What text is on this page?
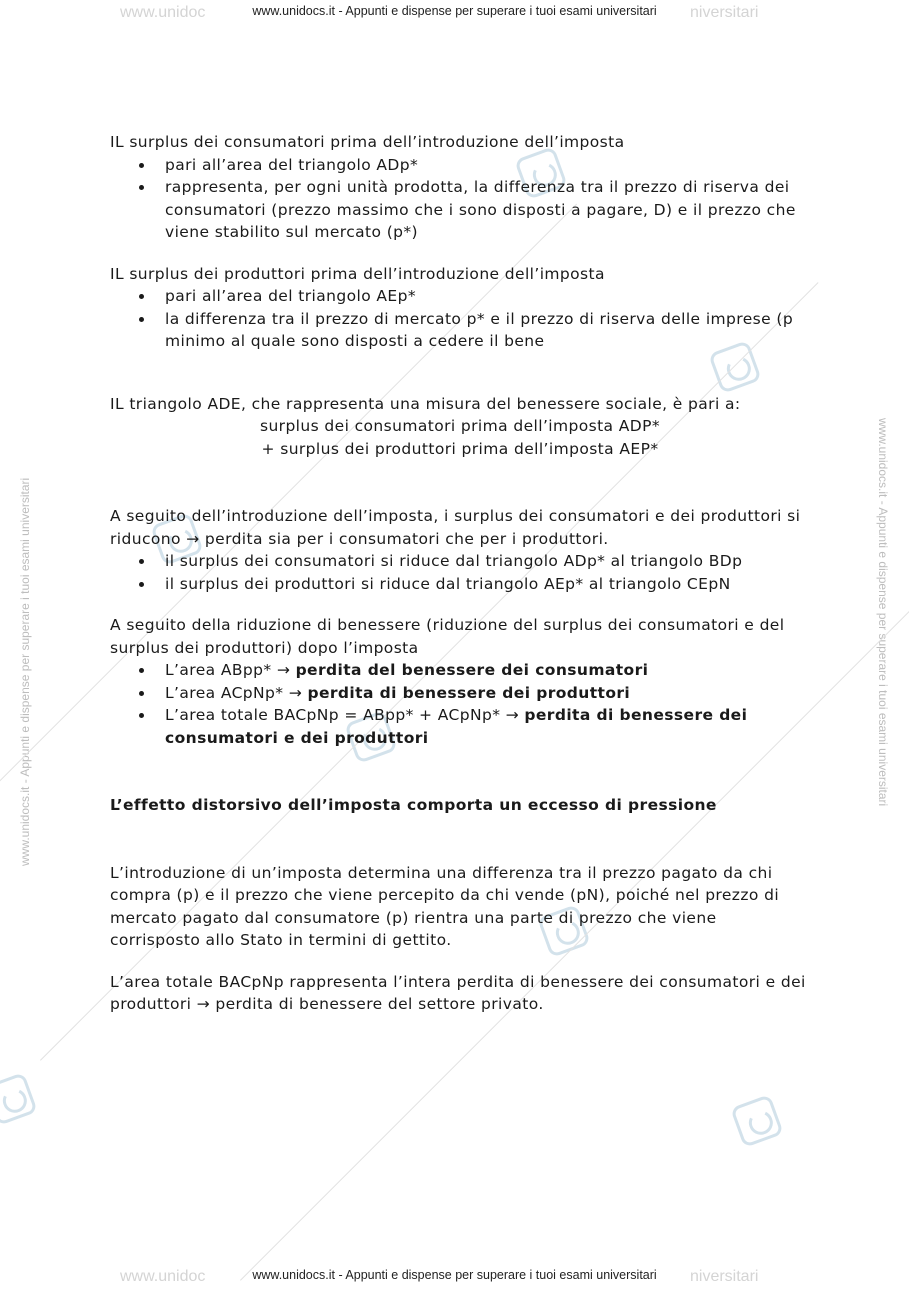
www.unidoc	www.unidocs.it - Appunti e dispense per superare i tuoi esami universitari niversitari
www.unidoc	www.unidocs.it - Appunti e dispense per superare i tuoi esami universitari niversitari
www.unidocs.it - Appunti e dispense per superare i tuoi esami universitari	www.unidocs.it - Appunti e dispense per superare i tuoi esami universitari

IL surplus dei consumatori prima dell’introduzione dell’imposta

pari all’area del triangolo ADp*
rappresenta, per ogni unità prodotta, la differenza tra il prezzo di riserva dei consumatori (prezzo massimo che i sono disposti a pagare, D) e il prezzo che viene stabilito sul mercato (p*)

IL surplus dei produttori prima dell’introduzione dell’imposta

pari all’area del triangolo AEp*
la differenza tra il prezzo di mercato p* e il prezzo di riserva delle imprese (p minimo al quale sono disposti a cedere il bene

IL triangolo ADE, che rappresenta una misura del benessere sociale, è pari a:

surplus dei consumatori prima dell’imposta ADP*

+ surplus dei produttori prima dell’imposta AEP*

A seguito dell’introduzione dell’imposta, i surplus dei consumatori e dei produttori si riducono → perdita sia per i consumatori che per i produttori.

il surplus dei consumatori si riduce dal triangolo ADp* al triangolo BDp
il surplus dei produttori si riduce dal triangolo AEp* al triangolo CEpN

A seguito della riduzione di benessere (riduzione del surplus dei consumatori e del surplus dei produttori) dopo l’imposta

L’area ABpp* → perdita del benessere dei consumatori
L’area ACpNp* → perdita di benessere dei produttori
L’area totale BACpNp = ABpp* + ACpNp* → perdita di benessere dei consumatori e dei produttori

L’effetto distorsivo dell’imposta comporta un eccesso di pressione

L’introduzione di un’imposta determina una differenza tra il prezzo pagato da chi compra (p) e il prezzo che viene percepito da chi vende (pN), poiché nel prezzo di mercato pagato dal consumatore (p) rientra una parte di prezzo che viene corrisposto allo Stato in termini di gettito.

L’area totale BACpNp rappresenta l’intera perdita di benessere dei consumatori e dei produttori → perdita di benessere del settore privato.
